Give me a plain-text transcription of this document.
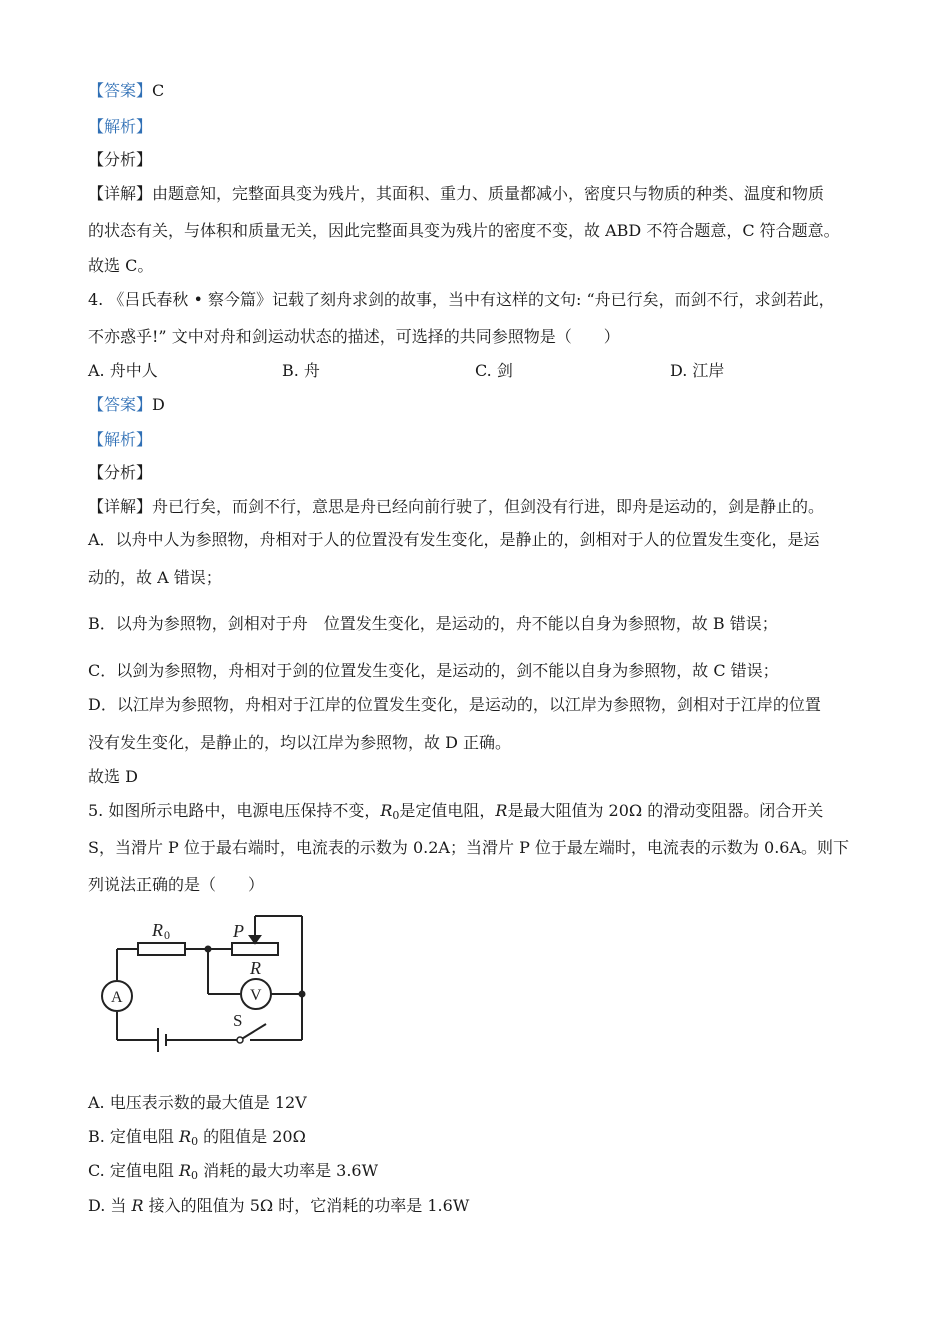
【答案】C
【解析】
【分析】
【详解】由题意知，完整面具变为残片，其面积、重力、质量都减小，密度只与物质的种类、温度和物质
的状态有关，与体积和质量无关，因此完整面具变为残片的密度不变，故 ABD 不符合题意，C 符合题意。
故选 C。
4. 《吕氏春秋 • 察今篇》记载了刻舟求剑的故事，当中有这样的文句: “舟已行矣，而剑不行，求剑若此，
不亦惑乎!” 文中对舟和剑运动状态的描述，可选择的共同参照物是（　　）
A. 舟中人	B. 舟	C. 剑	D. 江岸
【答案】D
【解析】
【分析】
【详解】舟已行矣，而剑不行，意思是舟已经向前行驶了，但剑没有行进，即舟是运动的，剑是静止的。
A．以舟中人为参照物，舟相对于人的位置没有发生变化，是静止的，剑相对于人的位置发生变化，是运
动的，故 A 错误；
B．以舟为参照物，剑相对于舟　位置发生变化，是运动的，舟不能以自身为参照物，故 B 错误；
C．以剑为参照物，舟相对于剑的位置发生变化，是运动的，剑不能以自身为参照物，故 C 错误；
D．以江岸为参照物，舟相对于江岸的位置发生变化，是运动的，以江岸为参照物，剑相对于江岸的位置
没有发生变化，是静止的，均以江岸为参照物，故 D 正确。
故选 D
5. 如图所示电路中，电源电压保持不变，$R_0$是定值电阻，R是最大阻值为 20Ω 的滑动变阻器。闭合开关
S，当滑片 P 位于最右端时，电流表的示数为 0.2A；当滑片 P 位于最左端时，电流表的示数为 0.6A。则下
列说法正确的是（　　）
R 0	P
R
A	V
S
A. 电压表示数的最大值是 12V
B. 定值电阻 $R_0$ 的阻值是 20Ω
C. 定值电阻 $R_0$ 消耗的最大功率是 3.6W
D. 当 R 接入的阻值为 5Ω 时，它消耗的功率是 1.6W
